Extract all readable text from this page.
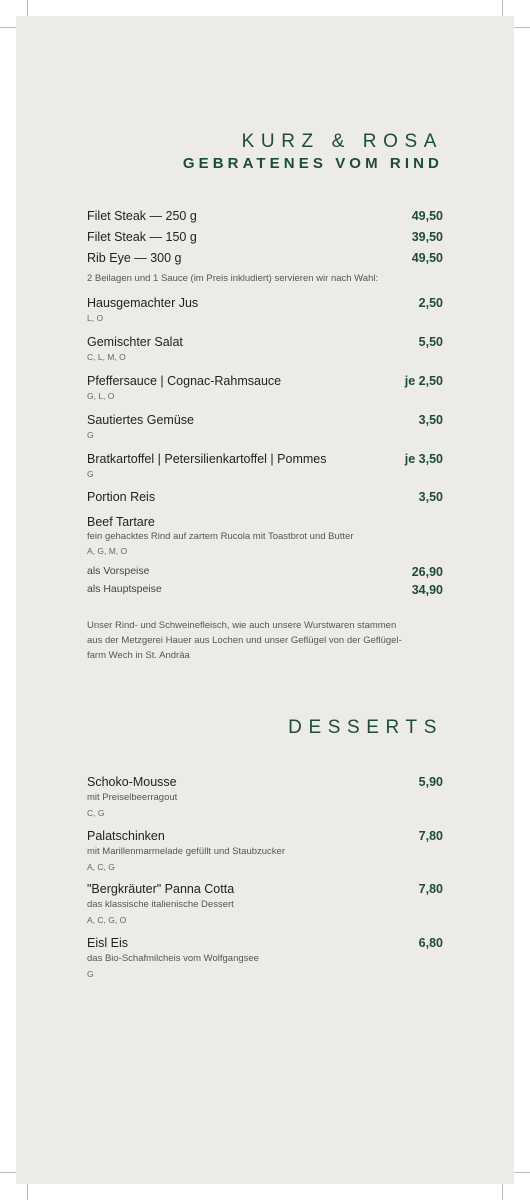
KURZ & ROSA
GEBRATENES VOM RIND
Filet Steak — 250 g	49,50
Filet Steak — 150 g	39,50
Rib Eye — 300 g	49,50
2 Beilagen und 1 Sauce (im Preis inkludiert) servieren wir nach Wahl:
Hausgemachter Jus	2,50
L, O
Gemischter Salat	5,50
C, L, M, O
Pfeffersauce | Cognac-Rahmsauce	je 2,50
G, L, O
Sautiertes Gemüse	3,50
G
Bratkartoffel | Petersilienkartoffel | Pommes	je 3,50
G
Portion Reis	3,50
Beef Tartare
fein gehacktes Rind auf zartem Rucola mit Toastbrot und Butter
A, G, M, O
als Vorspeise	26,90
als Hauptspeise	34,90
Unser Rind- und Schweinefleisch, wie auch unsere Wurstwaren stammen
aus der Metzgerei Hauer aus Lochen und unser Geflügel von der Geflügel-
farm Wech in St. Andräa
DESSERTS
Schoko-Mousse	5,90
mit Preiselbeerragout
C, G
Palatschinken	7,80
mit Marillenmarmelade gefüllt und Staubzucker
A, C, G
"Bergkräuter" Panna Cotta	7,80
das klassische italienische Dessert
A, C, G, O
Eisl Eis	6,80
das Bio-Schafmilcheis vom Wolfgangsee
G
